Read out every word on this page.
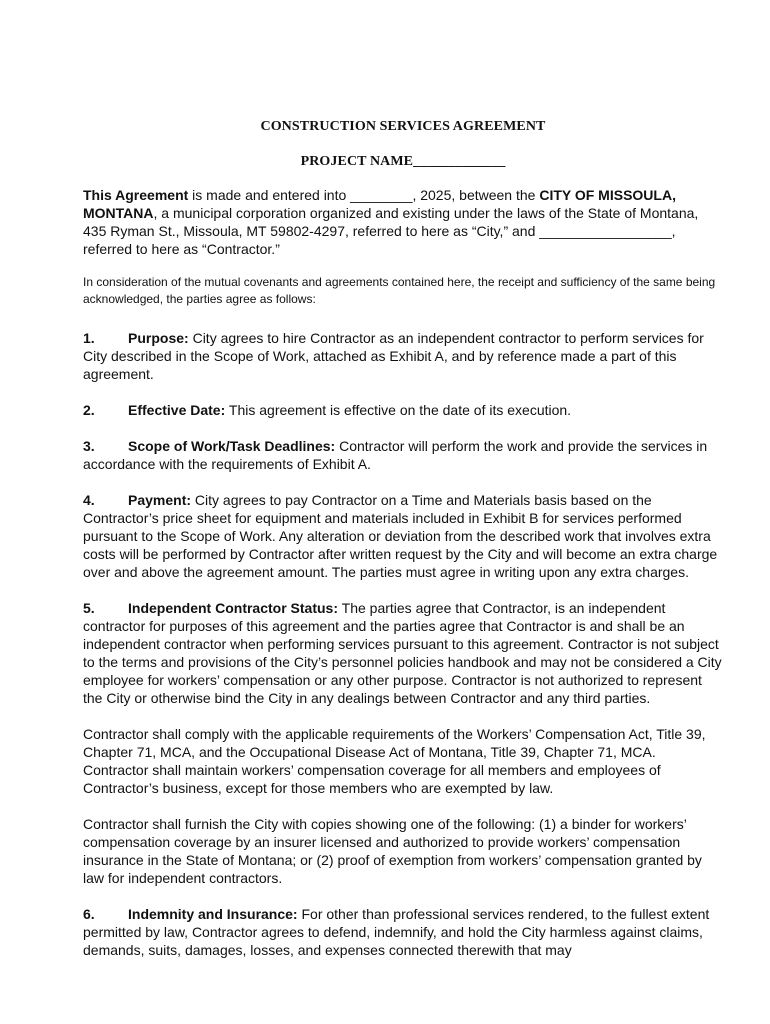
CONSTRUCTION SERVICES AGREEMENT

PROJECT NAME_____________

This Agreement is made and entered into ________, 2025, between the CITY OF MISSOULA, MONTANA, a municipal corporation organized and existing under the laws of the State of Montana, 435 Ryman St., Missoula, MT 59802-4297, referred to here as “City,” and _________________, referred to here as “Contractor.”

In consideration of the mutual covenants and agreements contained here, the receipt and sufficiency of the same being acknowledged, the parties agree as follows:

1. Purpose: City agrees to hire Contractor as an independent contractor to perform services for City described in the Scope of Work, attached as Exhibit A, and by reference made a part of this agreement.

2. Effective Date: This agreement is effective on the date of its execution.

3. Scope of Work/Task Deadlines: Contractor will perform the work and provide the services in accordance with the requirements of Exhibit A.

4. Payment: City agrees to pay Contractor on a Time and Materials basis based on the Contractor’s price sheet for equipment and materials included in Exhibit B for services performed pursuant to the Scope of Work. Any alteration or deviation from the described work that involves extra costs will be performed by Contractor after written request by the City and will become an extra charge over and above the agreement amount. The parties must agree in writing upon any extra charges.

5. Independent Contractor Status: The parties agree that Contractor, is an independent contractor for purposes of this agreement and the parties agree that Contractor is and shall be an independent contractor when performing services pursuant to this agreement. Contractor is not subject to the terms and provisions of the City’s personnel policies handbook and may not be considered a City employee for workers’ compensation or any other purpose. Contractor is not authorized to represent the City or otherwise bind the City in any dealings between Contractor and any third parties.

Contractor shall comply with the applicable requirements of the Workers’ Compensation Act, Title 39, Chapter 71, MCA, and the Occupational Disease Act of Montana, Title 39, Chapter 71, MCA. Contractor shall maintain workers’ compensation coverage for all members and employees of Contractor’s business, except for those members who are exempted by law.

Contractor shall furnish the City with copies showing one of the following: (1) a binder for workers’ compensation coverage by an insurer licensed and authorized to provide workers’ compensation insurance in the State of Montana; or (2) proof of exemption from workers’ compensation granted by law for independent contractors.

6. Indemnity and Insurance: For other than professional services rendered, to the fullest extent permitted by law, Contractor agrees to defend, indemnify, and hold the City harmless against claims, demands, suits, damages, losses, and expenses connected therewith that may
